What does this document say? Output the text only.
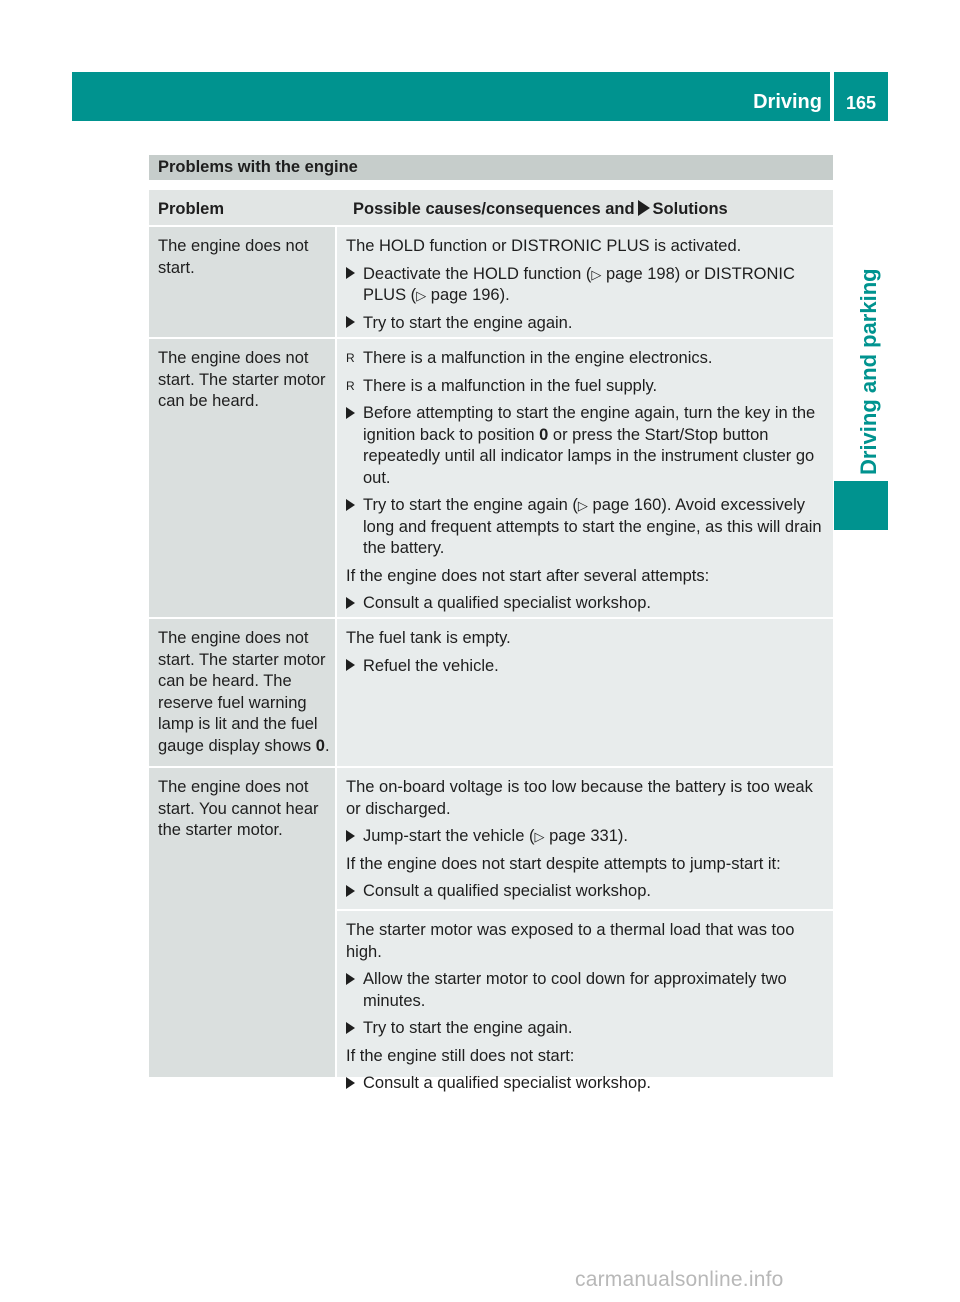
Driving	165
Driving and parking
Problems with the engine
Problem	Possible causes/consequences and Solutions
The engine does not start.

The HOLD function or DISTRONIC PLUS is activated.

Deactivate the HOLD function (▷ page 198) or DISTRONIC PLUS (▷ page 196).
Try to start the engine again.
The engine does not start. The starter motor can be heard.
R There is a malfunction in the engine electronics.
R There is a malfunction in the fuel supply.
Before attempting to start the engine again, turn the key in the ignition back to position 0 or press the Start/Stop button repeatedly until all indicator lamps in the instrument cluster go out.
Try to start the engine again (▷ page 160). Avoid excessively long and frequent attempts to start the engine, as this will drain the battery.

If the engine does not start after several attempts:

Consult a qualified specialist workshop.
The engine does not start. The starter motor can be heard. The reserve fuel warning lamp is lit and the fuel gauge display shows 0.

The fuel tank is empty.

Refuel the vehicle.
The engine does not start. You cannot hear the starter motor.

The on-board voltage is too low because the battery is too weak or discharged.

Jump-start the vehicle (▷ page 331).

If the engine does not start despite attempts to jump-start it:

Consult a qualified specialist workshop.

The starter motor was exposed to a thermal load that was too high.

Allow the starter motor to cool down for approximately two minutes.
Try to start the engine again.

If the engine still does not start:

Consult a qualified specialist workshop.
carmanualsonline.info
